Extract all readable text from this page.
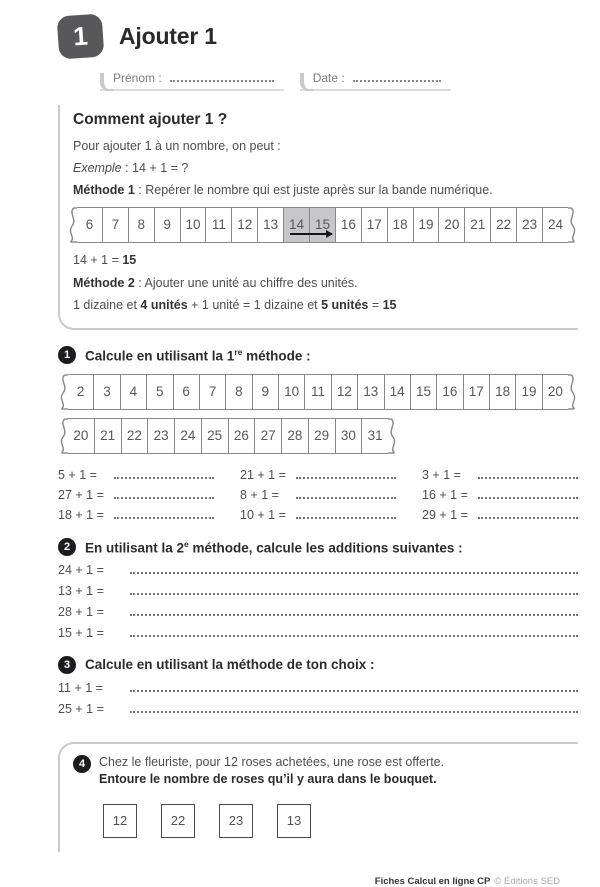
1	Ajouter 1
Prénom :	Date :
Comment ajouter 1 ?

Pour ajouter 1 à un nombre, on peut :

Exemple : 14 + 1 = ?

Méthode 1 : Repérer le nombre qui est juste après sur la bande numérique.

6	7	8	9	10 11 12 13 14 15 16 17 18 19 20 21 22 23 24

14 + 1 = 15

Méthode 2 : Ajouter une unité au chiffre des unités.

1 dizaine et 4 unités + 1 unité = 1 dizaine et 5 unités = 15

1	Calcule en utilisant la 1re méthode :
2	3	4	5	6	7	8	9	10 11 12 13 14 15 16 17 18 19 20
20 21 22 23 24 25 26 27 28 29 30 31
5 + 1 =	21 + 1 =	3 + 1 =
27 + 1 =	8 + 1 =	16 + 1 =
18 + 1 =	10 + 1 =	29 + 1 =
2	En utilisant la 2e méthode, calcule les additions suivantes :
24 + 1 =
13 + 1 =
28 + 1 =
15 + 1 =
3	Calcule en utilisant la méthode de ton choix :
11 + 1 =
25 + 1 =
4	Chez le fleuriste, pour 12 roses achetées, une rose est offerte.

Entoure le nombre de roses qu’il y aura dans le bouquet.

12	22	23	13
Fiches Calcul en ligne CP © Éditions SED
